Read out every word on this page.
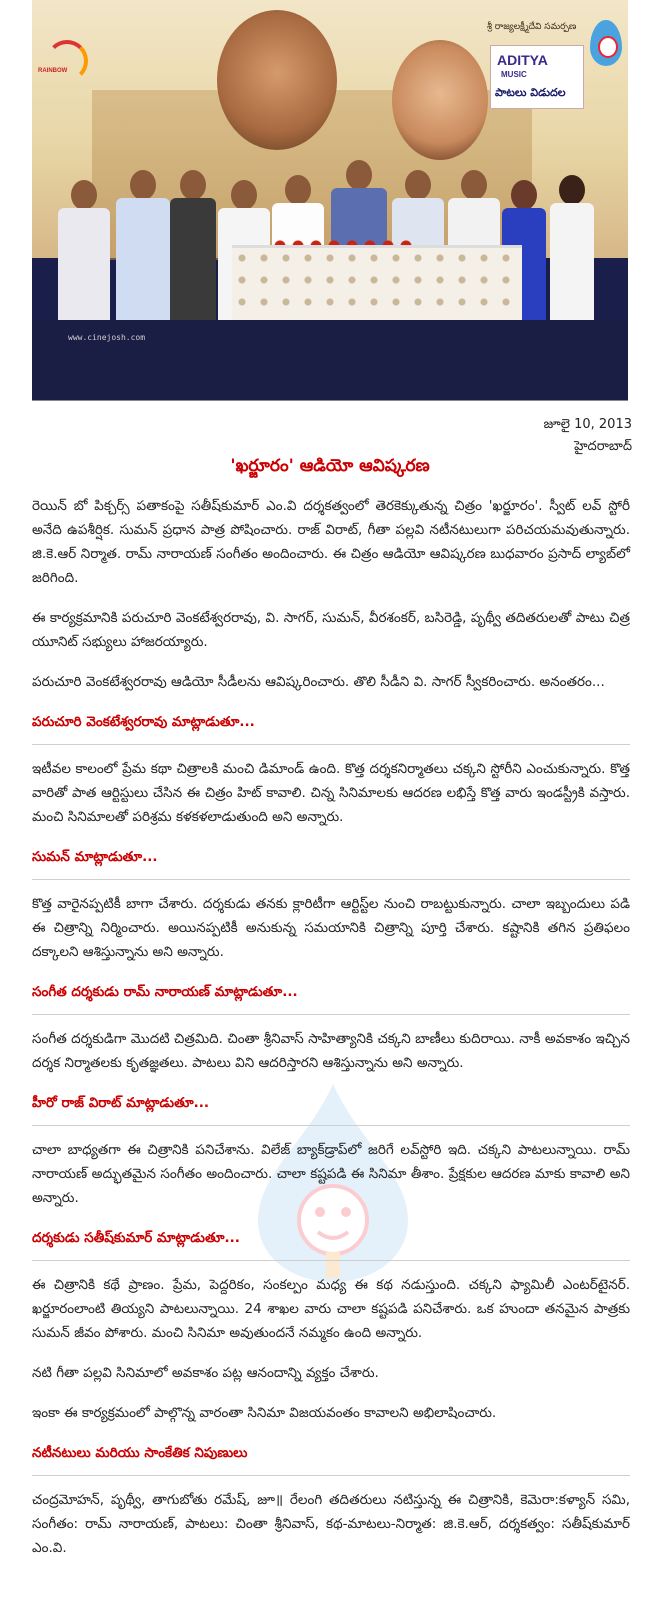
RAINBOW
శ్రీ రాజ్యలక్ష్మీదేవి సమర్పణ
ADITYA
MUSIC
పాటలు విడుదల
www.cinejosh.com
జూలై 10, 2013
హైదరాబాద్
'ఖర్జూరం' ఆడియో ఆవిష్కరణ

రెయిన్ బో పిక్చర్స్ పతాకంపై సతీష్‌కుమార్ ఎం.వి దర్శకత్వంలో తెరకెక్కుతున్న చిత్రం 'ఖర్జూరం'. స్వీట్ లవ్ స్టోరీ అనేది ఉపశీర్షిక. సుమన్ ప్రధాన పాత్ర పోషించారు. రాజ్ విరాట్, గీతా పల్లవి నటీనటులుగా పరిచయమవుతున్నారు. జి.కె.ఆర్ నిర్మాత. రామ్ నారాయణ్ సంగీతం అందించారు. ఈ చిత్రం ఆడియో ఆవిష్కరణ బుధవారం ప్రసాద్ ల్యాబ్‌లో జరిగింది.

ఈ కార్యక్రమానికి పరుచూరి వెంకటేశ్వరరావు, వి. సాగర్, సుమన్, వీరశంకర్, బసిరెడ్డి, పృథ్వీ తదితరులతో పాటు చిత్ర యూనిట్ సభ్యులు హాజరయ్యారు.

పరుచూరి వెంకటేశ్వరరావు ఆడియో సీడీలను ఆవిష్కరించారు. తొలి సీడీని వి. సాగర్ స్వీకరించారు. అనంతరం...

పరుచూరి వెంకటేశ్వరరావు మాట్లాడుతూ...

ఇటీవల కాలంలో ప్రేమ కథా చిత్రాలకి మంచి డిమాండ్ ఉంది. కొత్త దర్శకనిర్మాతలు చక్కని స్టోరీని ఎంచుకున్నారు. కొత్త వారితో పాత ఆర్టిస్టులు చేసిన ఈ చిత్రం హిట్ కావాలి. చిన్న సినిమాలకు ఆదరణ లభిస్తే కొత్త వారు ఇండస్ట్రీకి వస్తారు. మంచి సినిమాలతో పరిశ్రమ కళకళలాడుతుంది అని అన్నారు.

సుమన్ మాట్లాడుతూ...

కొత్త వారైనప్పటికీ బాగా చేశారు. దర్శకుడు తన‌కు క్లారిటీగా ఆర్టిస్ట్‌ల నుంచి రాబట్టుకున్నారు. చాలా ఇబ్బందులు పడి ఈ చిత్రాన్ని నిర్మించారు. అయినప్పటికీ అనుకున్న సమయానికి చిత్రాన్ని పూర్తి చేశారు. కష్టానికి తగిన ప్రతిఫలం దక్కాలని ఆశిస్తున్నాను అని అన్నారు.

సంగీత దర్శకుడు రామ్ నారాయణ్ మాట్లాడుతూ...

సంగీత దర్శకుడిగా మొదటి చిత్రమిది. చింతా శ్రీనివాస్ సాహిత్యానికి చక్కని బాణీలు కుదిరాయి. నాకీ అవకాశం ఇచ్చిన దర్శక నిర్మాతలకు కృతజ్ఞతలు. పాటలు విని ఆదరిస్తారని ఆశిస్తున్నాను అని అన్నారు.

హీరో రాజ్ విరాట్ మాట్లాడుతూ...

చాలా బాధ్యతగా ఈ చిత్రానికి పనిచేశాను. విలేజ్ బ్యాక్‌డ్రాప్‌లో జరిగే లవ్‌స్టోరి ఇది. చక్కని పాటలున్నాయి. రామ్ నారాయణ్ అద్భుతమైన సంగీతం అందించారు. చాలా కష్టపడి ఈ సినిమా తీశాం. ప్రేక్షకుల ఆదరణ మాకు కావాలి అని అన్నారు.

దర్శకుడు సతీష్‌కుమార్ మాట్లాడుతూ...

ఈ చిత్రానికి కథే ప్రాణం. ప్రేమ, పెద్దరికం, సంకల్పం మధ్య ఈ కథ నడుస్తుంది. చక్కని ఫ్యామిలీ ఎంటర్‌టైనర్. ఖర్జూరంలాంటి తియ్యని పాటలున్నాయి. 24 శాఖల వారు చాలా కష్టపడి పనిచేశారు. ఒక హుందా తనమైన పాత్రకు సుమన్ జీవం పోశారు. మంచి సినిమా అవుతుందనే నమ్మకం ఉంది అన్నారు.

నటి గీతా పల్లవి సినిమాలో అవకాశం పట్ల ఆనందాన్ని వ్యక్తం చేశారు.

ఇంకా ఈ కార్యక్రమంలో పాల్గొన్న వారంతా సినిమా విజయవంతం కావాలని అభిలాషించారు.

నటీనటులు మరియు సాంకేతిక నిపుణులు

చంద్రమోహన్, పృథ్వీ, తాగుబోతు రమేష్, జూ॥ రేలంగి తదితరులు నటిస్తున్న ఈ చిత్రానికి, కెమెరా:కళ్యాన్ సమి, సంగీతం: రామ్ నారాయణ్, పాటలు: చింతా శ్రీనివాస్, కథ-మాటలు-నిర్మాత: జి.కె.ఆర్, దర్శకత్వం: సతీష్‌కుమార్ ఎం.వి.
